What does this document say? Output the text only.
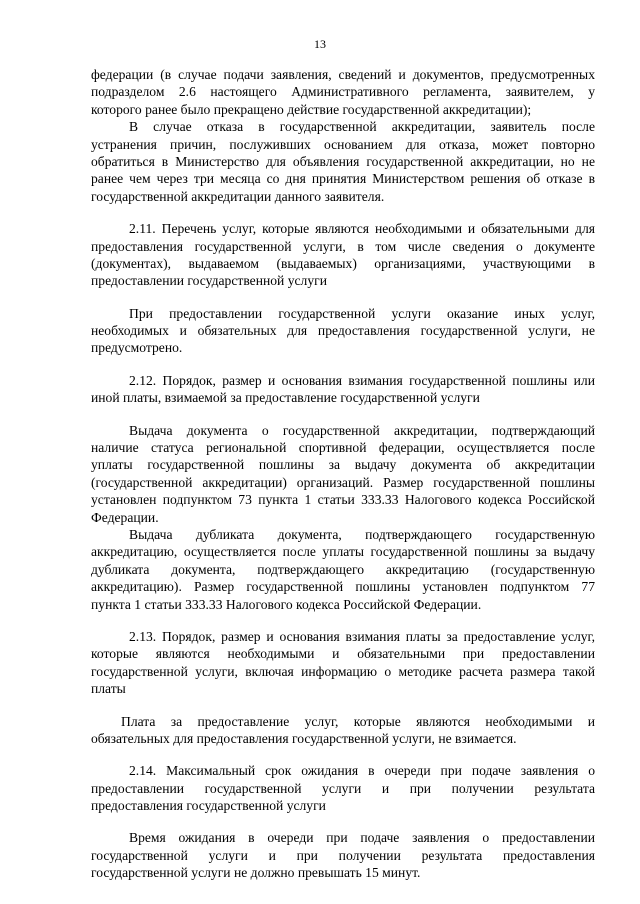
13
федерации (в случае подачи заявления, сведений и документов, предусмотренных
подразделом 2.6 настоящего Административного регламента, заявителем, у
которого ранее было прекращено действие государственной аккредитации);
В случае отказа в государственной аккредитации, заявитель после
устранения причин, послуживших основанием для отказа, может повторно
обратиться в Министерство для объявления государственной аккредитации, но не
ранее чем через три месяца со дня принятия Министерством решения об отказе в
государственной аккредитации данного заявителя.
2.11. Перечень услуг, которые являются необходимыми и обязательными для
предоставления государственной услуги, в том числе сведения о документе
(документах), выдаваемом (выдаваемых) организациями, участвующими в
предоставлении государственной услуги
При предоставлении государственной услуги оказание иных услуг,
необходимых и обязательных для предоставления государственной услуги, не
предусмотрено.
2.12. Порядок, размер и основания взимания государственной пошлины или
иной платы, взимаемой за предоставление государственной услуги
Выдача документа о государственной аккредитации, подтверждающий
наличие статуса региональной спортивной федерации, осуществляется после
уплаты государственной пошлины за выдачу документа об аккредитации
(государственной аккредитации) организаций. Размер государственной пошлины
установлен подпунктом 73 пункта 1 статьи 333.33 Налогового кодекса Российской
Федерации.
Выдача дубликата документа, подтверждающего государственную
аккредитацию, осуществляется после уплаты государственной пошлины за выдачу
дубликата документа, подтверждающего аккредитацию (государственную
аккредитацию). Размер государственной пошлины установлен подпунктом 77
пункта 1 статьи 333.33 Налогового кодекса Российской Федерации.
2.13. Порядок, размер и основания взимания платы за предоставление услуг,
которые являются необходимыми и обязательными при предоставлении
государственной услуги, включая информацию о методике расчета размера такой
платы
Плата за предоставление услуг, которые являются необходимыми и
обязательных для предоставления государственной услуги, не взимается.
2.14. Максимальный срок ожидания в очереди при подаче заявления о
предоставлении государственной услуги и при получении результата
предоставления государственной услуги
Время ожидания в очереди при подаче заявления о предоставлении
государственной услуги и при получении результата предоставления
государственной услуги не должно превышать 15 минут.
